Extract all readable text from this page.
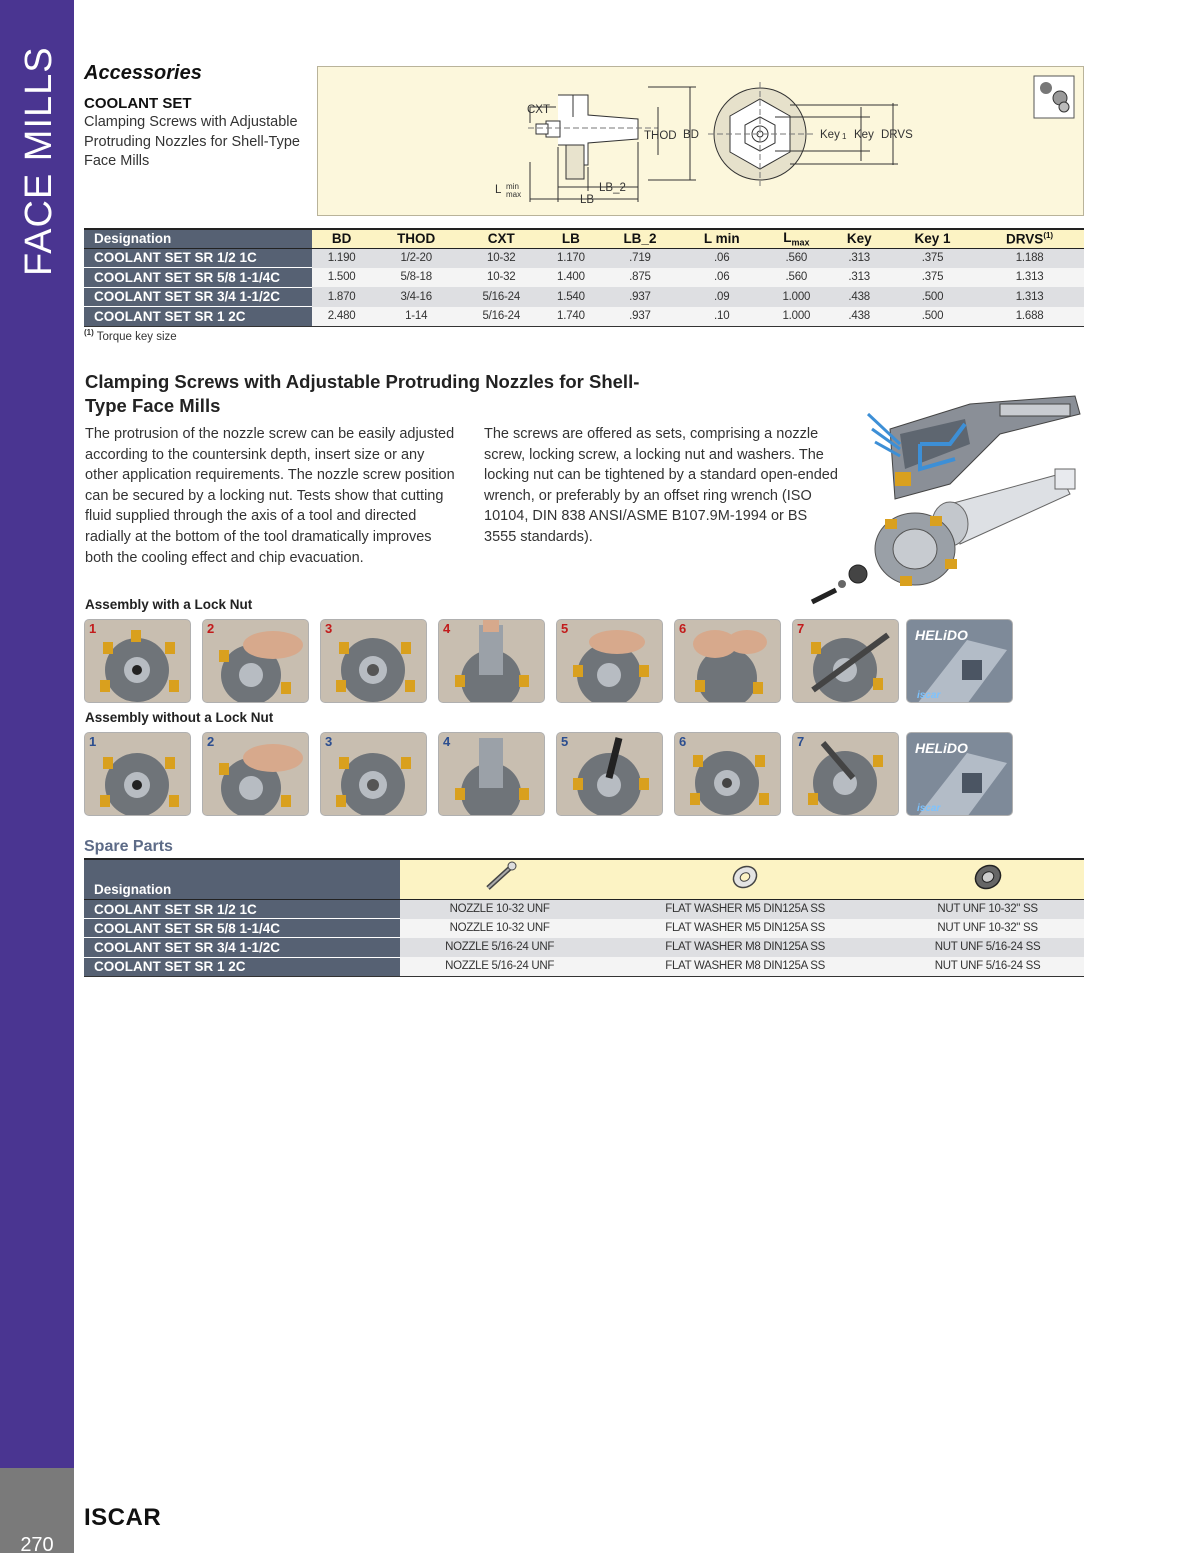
FACE MILLS
270
ISCAR
Accessories
COOLANT SET
Clamping Screws with Adjustable Protruding Nozzles for Shell-Type Face Mills
CXT
THOD BD
LB_2
LB
L min
max
Key 1 Key DRVS
Designation	BD	THOD	CXT	LB	LB_2	L min	$L_{max}$	Key	Key 1	DRVS$^{(1)}$
COOLANT SET SR 1/2 1C	1.190	1/2-20	10-32	1.170	.719	.06	.560	.313	.375	1.188
COOLANT SET SR 5/8 1-1/4C	1.500	5/8-18	10-32	1.400	.875	.06	.560	.313	.375	1.313
COOLANT SET SR 3/4 1-1/2C	1.870	3/4-16	5/16-24	1.540	.937	.09	1.000	.438	.500	1.313
COOLANT SET SR 1 2C	2.480	1-14	5/16-24	1.740	.937	.10	1.000	.438	.500	1.688
$^{(1)}$ Torque key size
Clamping Screws with Adjustable Protruding Nozzles for Shell-Type Face Mills
The protrusion of the nozzle screw can be easily adjusted according to the countersink depth, insert size or any other application requirements. The nozzle screw position can be secured by a locking nut. Tests show that cutting fluid supplied through the axis of a tool and directed radially at the bottom of the tool dramatically improves both the cooling effect and chip evacuation.
The screws are offered as sets, comprising a nozzle screw, locking screw, a locking nut and washers. The locking nut can be tightened by a standard open-ended wrench, or preferably by an offset ring wrench (ISO 10104, DIN 838 ANSI/ASME B107.9M-1994 or BS 3555 standards).
Assembly with a Lock Nut
1	2	3	4	5	6	7	HELiDO
iscar
Assembly without a Lock Nut
1	2	3	4	5	6	7	HELiDO
iscar
Spare Parts
Designation			
COOLANT SET SR 1/2 1C	NOZZLE 10-32 UNF	FLAT WASHER M5 DIN125A SS	NUT UNF 10-32" SS
COOLANT SET SR 5/8 1-1/4C	NOZZLE 10-32 UNF	FLAT WASHER M5 DIN125A SS	NUT UNF 10-32" SS
COOLANT SET SR 3/4 1-1/2C	NOZZLE 5/16-24 UNF	FLAT WASHER M8 DIN125A SS	NUT UNF 5/16-24 SS
COOLANT SET SR 1 2C	NOZZLE 5/16-24 UNF	FLAT WASHER M8 DIN125A SS	NUT UNF 5/16-24 SS
